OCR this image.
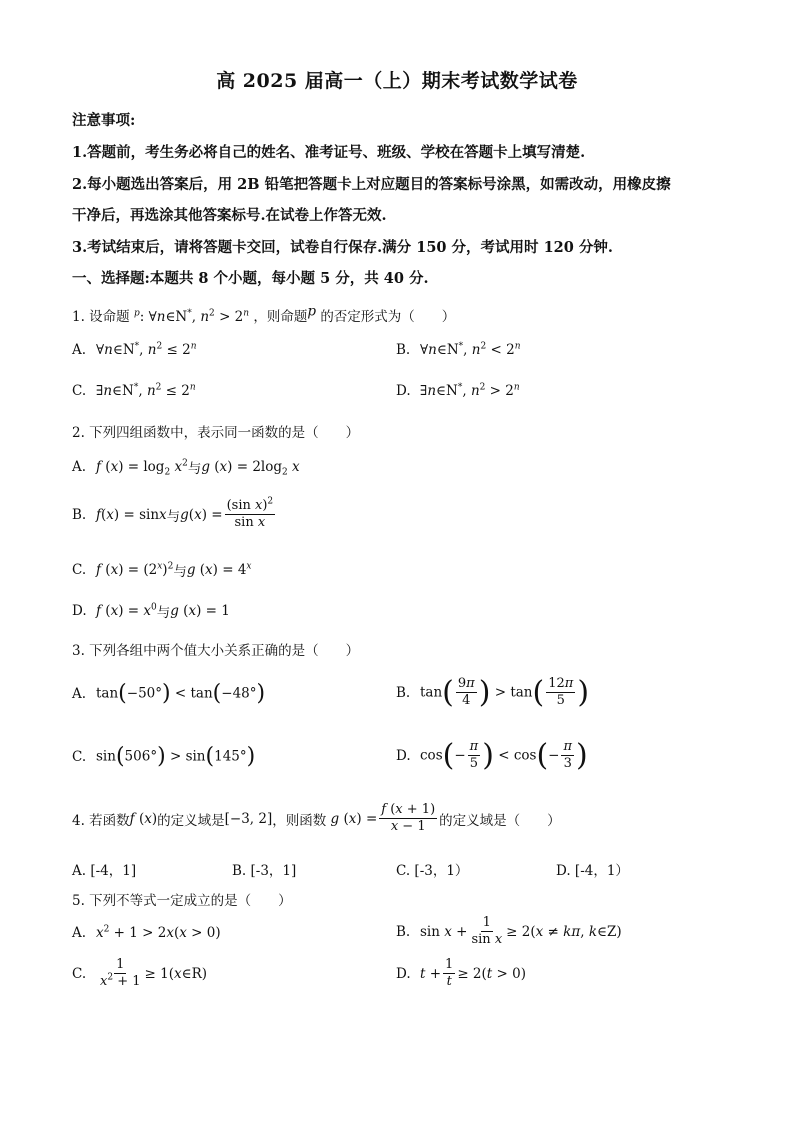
高 2025 届高一（上）期末考试数学试卷
注意事项:
1.答题前，考生务必将自己的姓名、准考证号、班级、学校在答题卡上填写清楚.
2.每小题选出答案后，用 2B 铅笔把答题卡上对应题目的答案标号涂黑，如需改动，用橡皮擦
干净后，再选涂其他答案标号.在试卷上作答无效.
3.考试结束后，请将答题卡交回，试卷自行保存.满分 150 分，考试用时 120 分钟.
一、选择题:本题共 8 个小题，每小题 5 分，共 40 分.
1. 设命题 $^p$: ∀n∈N*, $n^2 > 2^n$ ，则命题$^p$ 的否定形式为（　　）
A. ∀n∈N*, $n^2 \le 2^n$	B. ∀n∈N*, $n^2 < 2^n$
C. ∃n∈N*, $n^2 \le 2^n$	D. ∃n∈N*, $n^2 > 2^n$
2. 下列四组函数中，表示同一函数的是（　　）
A. f $(x) = \log_2 x^2$ 与 g $(x) = 2\log_2$ x
B. f(x) = sinx 与 $g(x) = \frac{(\sin x)^2}{\text{sin x}}$
C. f $(x) = (2^x)^2$ 与 g $(x) = 4^x$
D. f $(x) = x^0$ 与 g (x) = 1
3. 下列各组中两个值大小关系正确的是（　　）
A. tan(−50°) < tan(−48°)	B. $\tan( \frac{9\pi}{4}$ ) > $\tan( \frac{12\pi}{5}$ )
C. sin(506°) > sin(145°)	D. $\cos(- \frac{\pi}{5}$ ) < $\cos(- \frac{\pi}{3}$ )
4. 若函数 f (x) 的定义域是 [−3, 2] ，则函数 g $(x) = \frac{f (x + 1)}{x - 1}$ 的定义域是（　　）
A. [-4，1]	B. [-3，1]	C. [-3，1）	D. [-4，1）
5. 下列不等式一定成立的是（　　）
A. $x^2 + 1 > 2x(x > 0)$	B. $\sin x + \frac{1}{\text{sin x}} \ge 2(x \ne k\pi$, k∈Z)
C. $\frac{1}{x^2 + 1}$ ≥ 1(x∈R)	D. $t + \frac{1}{t} \ge 2(t > 0)$
